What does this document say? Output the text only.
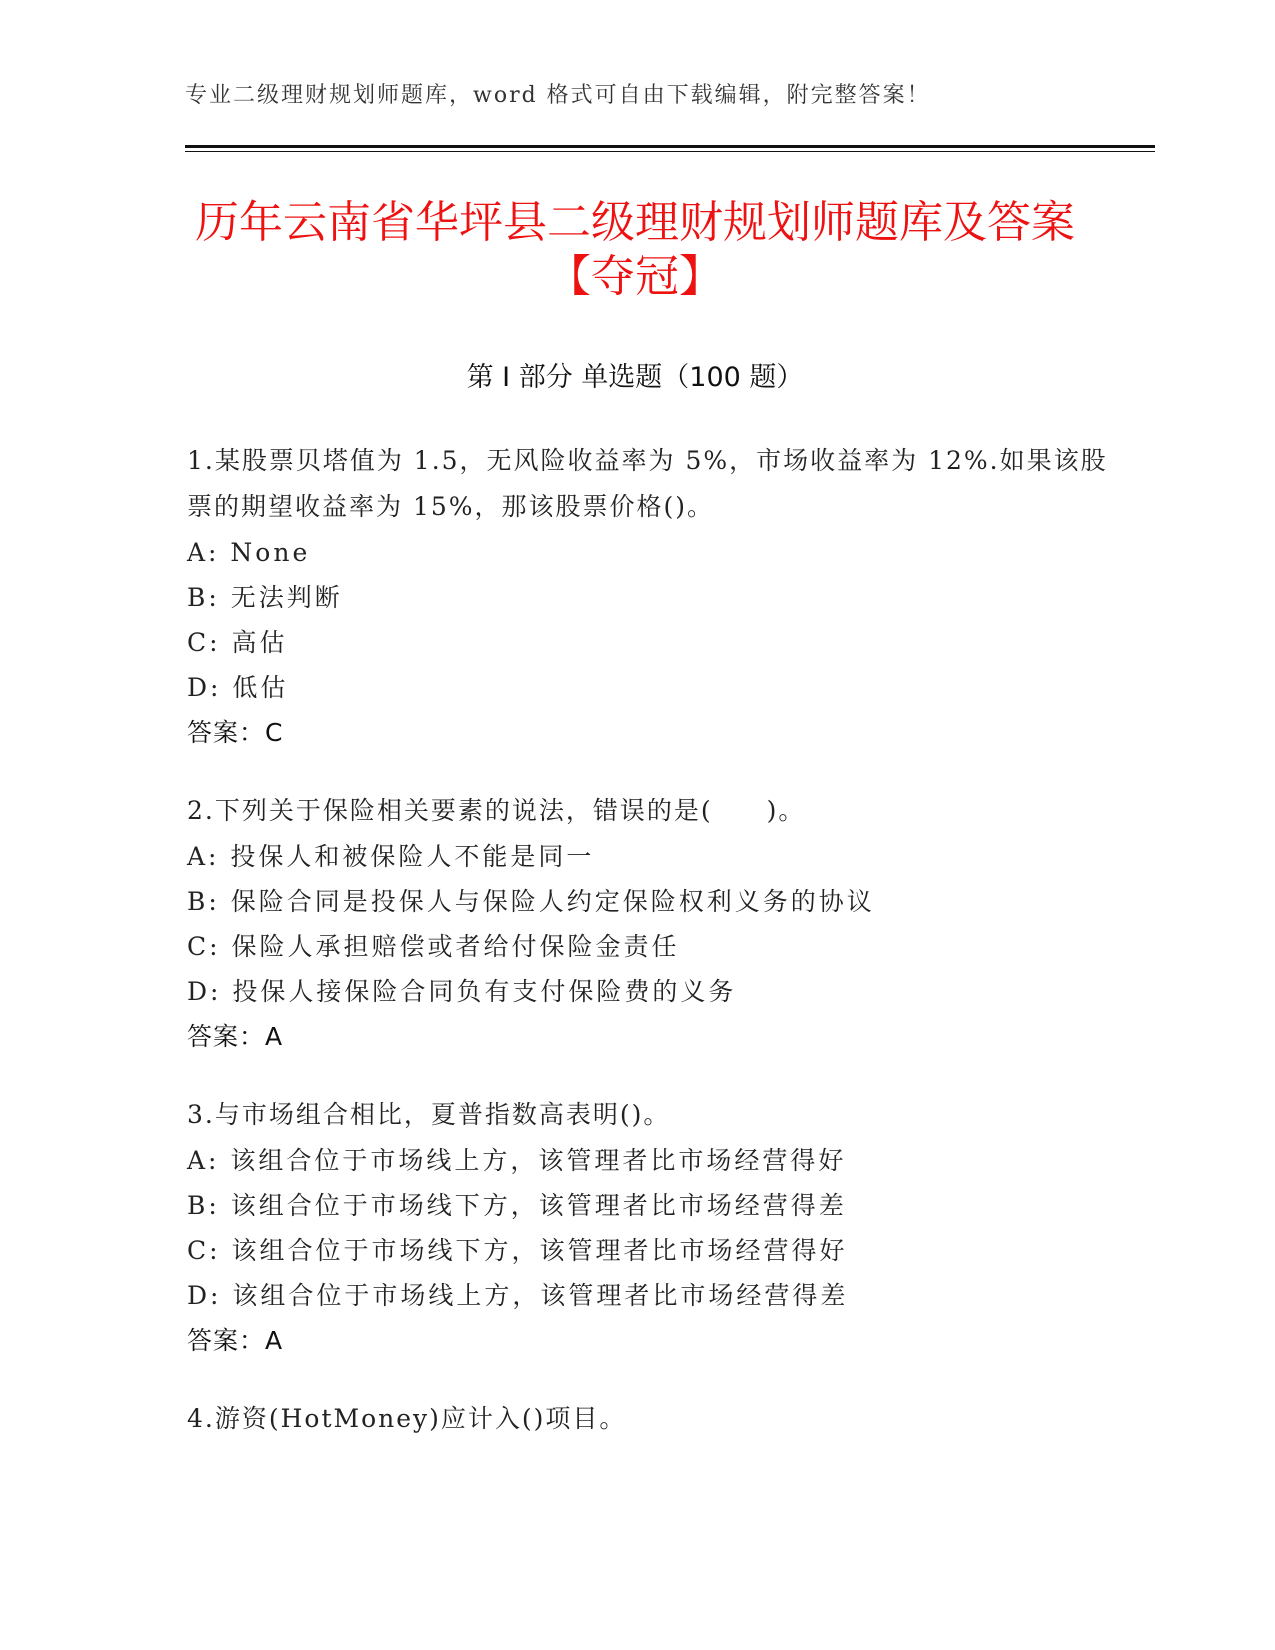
专业二级理财规划师题库，word 格式可自由下载编辑，附完整答案！
历年云南省华坪县二级理财规划师题库及答案【夺冠】
第 I 部分 单选题（100 题）
1.某股票贝塔值为 1.5，无风险收益率为 5%，市场收益率为 12%.如果该股票的期望收益率为 15%，那该股票价格()。
A: None
B: 无法判断
C: 高估
D: 低估
答案：C
2.下列关于保险相关要素的说法，错误的是(　　)。
A: 投保人和被保险人不能是同一
B: 保险合同是投保人与保险人约定保险权利义务的协议
C: 保险人承担赔偿或者给付保险金责任
D: 投保人接保险合同负有支付保险费的义务
答案：A
3.与市场组合相比，夏普指数高表明()。
A: 该组合位于市场线上方，该管理者比市场经营得好
B: 该组合位于市场线下方，该管理者比市场经营得差
C: 该组合位于市场线下方，该管理者比市场经营得好
D: 该组合位于市场线上方，该管理者比市场经营得差
答案：A
4.游资(HotMoney)应计入()项目。
